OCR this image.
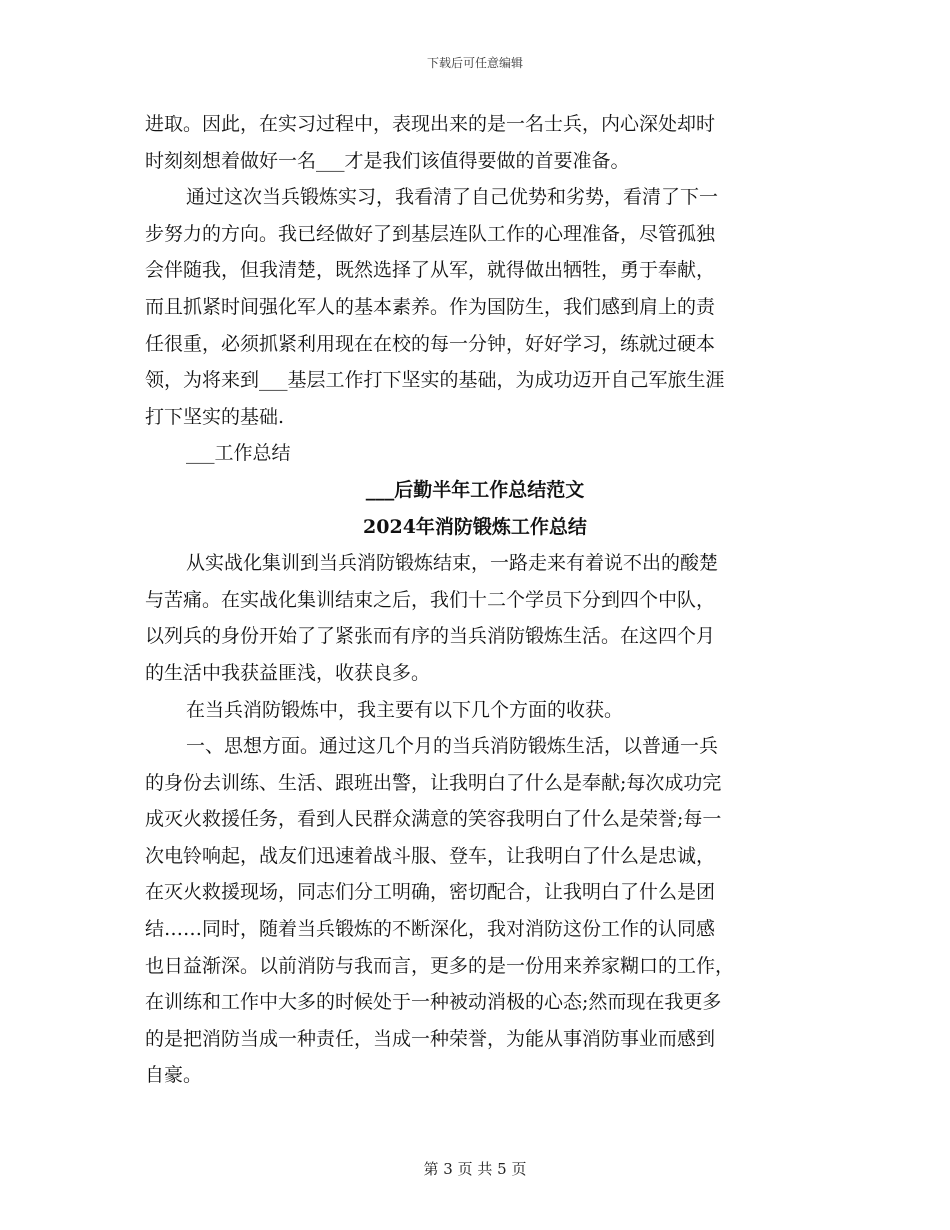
下载后可任意编辑
进取。因此，在实习过程中，表现出来的是一名士兵，内心深处却时
时刻刻想着做好一名___才是我们该值得要做的首要准备。
通过这次当兵锻炼实习，我看清了自己优势和劣势，看清了下一
步努力的方向。我已经做好了到基层连队工作的心理准备，尽管孤独
会伴随我，但我清楚，既然选择了从军，就得做出牺牲，勇于奉献，
而且抓紧时间强化军人的基本素养。作为国防生，我们感到肩上的责
任很重，必须抓紧利用现在在校的每一分钟，好好学习，练就过硬本
领，为将来到___基层工作打下坚实的基础，为成功迈开自己军旅生涯
打下坚实的基础.
___工作总结
___后勤半年工作总结范文
2024年消防锻炼工作总结
从实战化集训到当兵消防锻炼结束，一路走来有着说不出的酸楚
与苦痛。在实战化集训结束之后，我们十二个学员下分到四个中队，
以列兵的身份开始了了紧张而有序的当兵消防锻炼生活。在这四个月
的生活中我获益匪浅，收获良多。
在当兵消防锻炼中，我主要有以下几个方面的收获。
一、思想方面。通过这几个月的当兵消防锻炼生活，以普通一兵
的身份去训练、生活、跟班出警，让我明白了什么是奉献;每次成功完
成灭火救援任务，看到人民群众满意的笑容我明白了什么是荣誉;每一
次电铃响起，战友们迅速着战斗服、登车，让我明白了什么是忠诚，
在灭火救援现场，同志们分工明确，密切配合，让我明白了什么是团
结……同时，随着当兵锻炼的不断深化，我对消防这份工作的认同感
也日益渐深。以前消防与我而言，更多的是一份用来养家糊口的工作，
在训练和工作中大多的时候处于一种被动消极的心态;然而现在我更多
的是把消防当成一种责任，当成一种荣誉，为能从事消防事业而感到
自豪。
第 3 页 共 5 页
